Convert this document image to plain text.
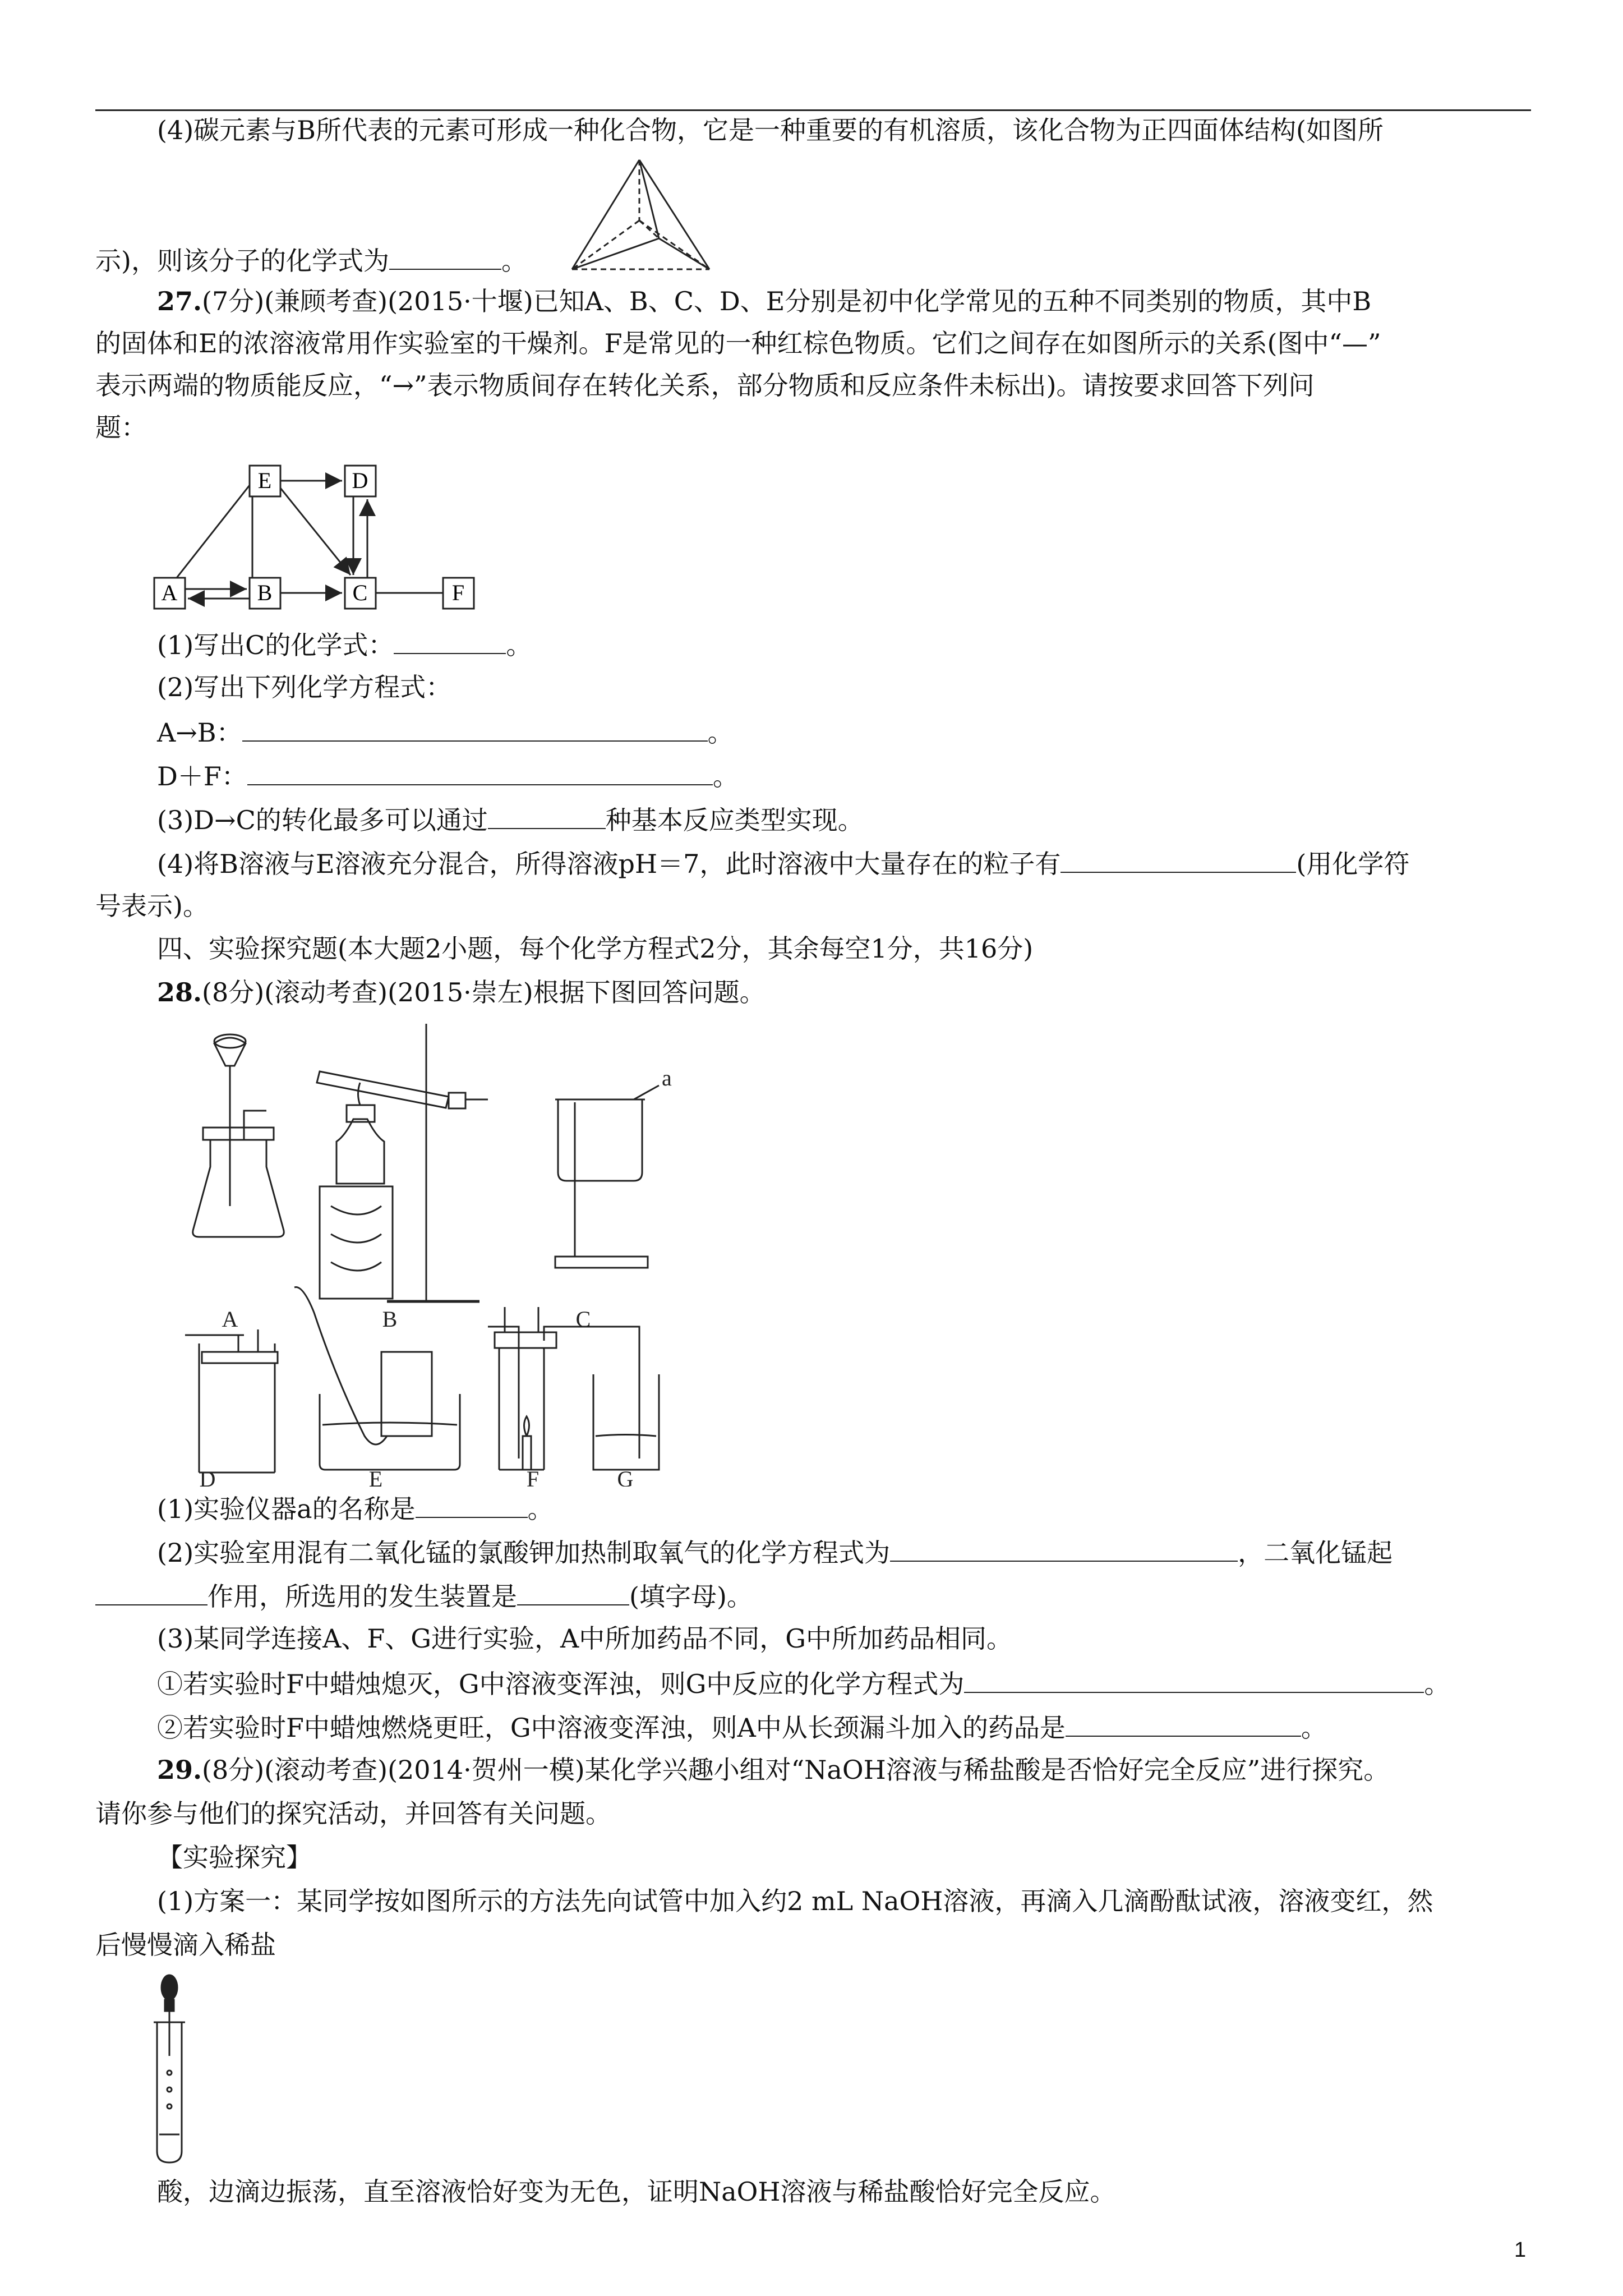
(4)碳元素与B所代表的元素可形成一种化合物，它是一种重要的有机溶质，该化合物为正四面体结构(如图所
示)，则该分子的化学式为	。
27.(7分)(兼顾考查)(2015·十堰)已知A、B、C、D、E分别是初中化学常见的五种不同类别的物质，其中B
的固体和E的浓溶液常用作实验室的干燥剂。F是常见的一种红棕色物质。它们之间存在如图所示的关系(图中“—”
表示两端的物质能反应，“→”表示物质间存在转化关系，部分物质和反应条件未标出)。请按要求回答下列问
题：
E	D
A	B	C	F
(1)写出C的化学式：	。
(2)写出下列化学方程式：
A→B：	。
D＋F：	。
(3)D→C的转化最多可以通过	种基本反应类型实现。
(4)将B溶液与E溶液充分混合，所得溶液pH＝7，此时溶液中大量存在的粒子有	(用化学符
号表示)。
四、实验探究题(本大题2小题，每个化学方程式2分，其余每空1分，共16分)
28.(8分)(滚动考查)(2015·崇左)根据下图回答问题。
A	B	C
D	E	F	G
a
(1)实验仪器a的名称是	。
(2)实验室用混有二氧化锰的氯酸钾加热制取氧气的化学方程式为	，二氧化锰起
作用，所选用的发生装置是	(填字母)。
(3)某同学连接A、F、G进行实验，A中所加药品不同，G中所加药品相同。
①若实验时F中蜡烛熄灭，G中溶液变浑浊，则G中反应的化学方程式为	。
②若实验时F中蜡烛燃烧更旺，G中溶液变浑浊，则A中从长颈漏斗加入的药品是	。
29.(8分)(滚动考查)(2014·贺州一模)某化学兴趣小组对“NaOH溶液与稀盐酸是否恰好完全反应”进行探究。
请你参与他们的探究活动，并回答有关问题。
【实验探究】
(1)方案一：某同学按如图所示的方法先向试管中加入约2 mL NaOH溶液，再滴入几滴酚酞试液，溶液变红，然
后慢慢滴入稀盐
酸，边滴边振荡，直至溶液恰好变为无色，证明NaOH溶液与稀盐酸恰好完全反应。
1
